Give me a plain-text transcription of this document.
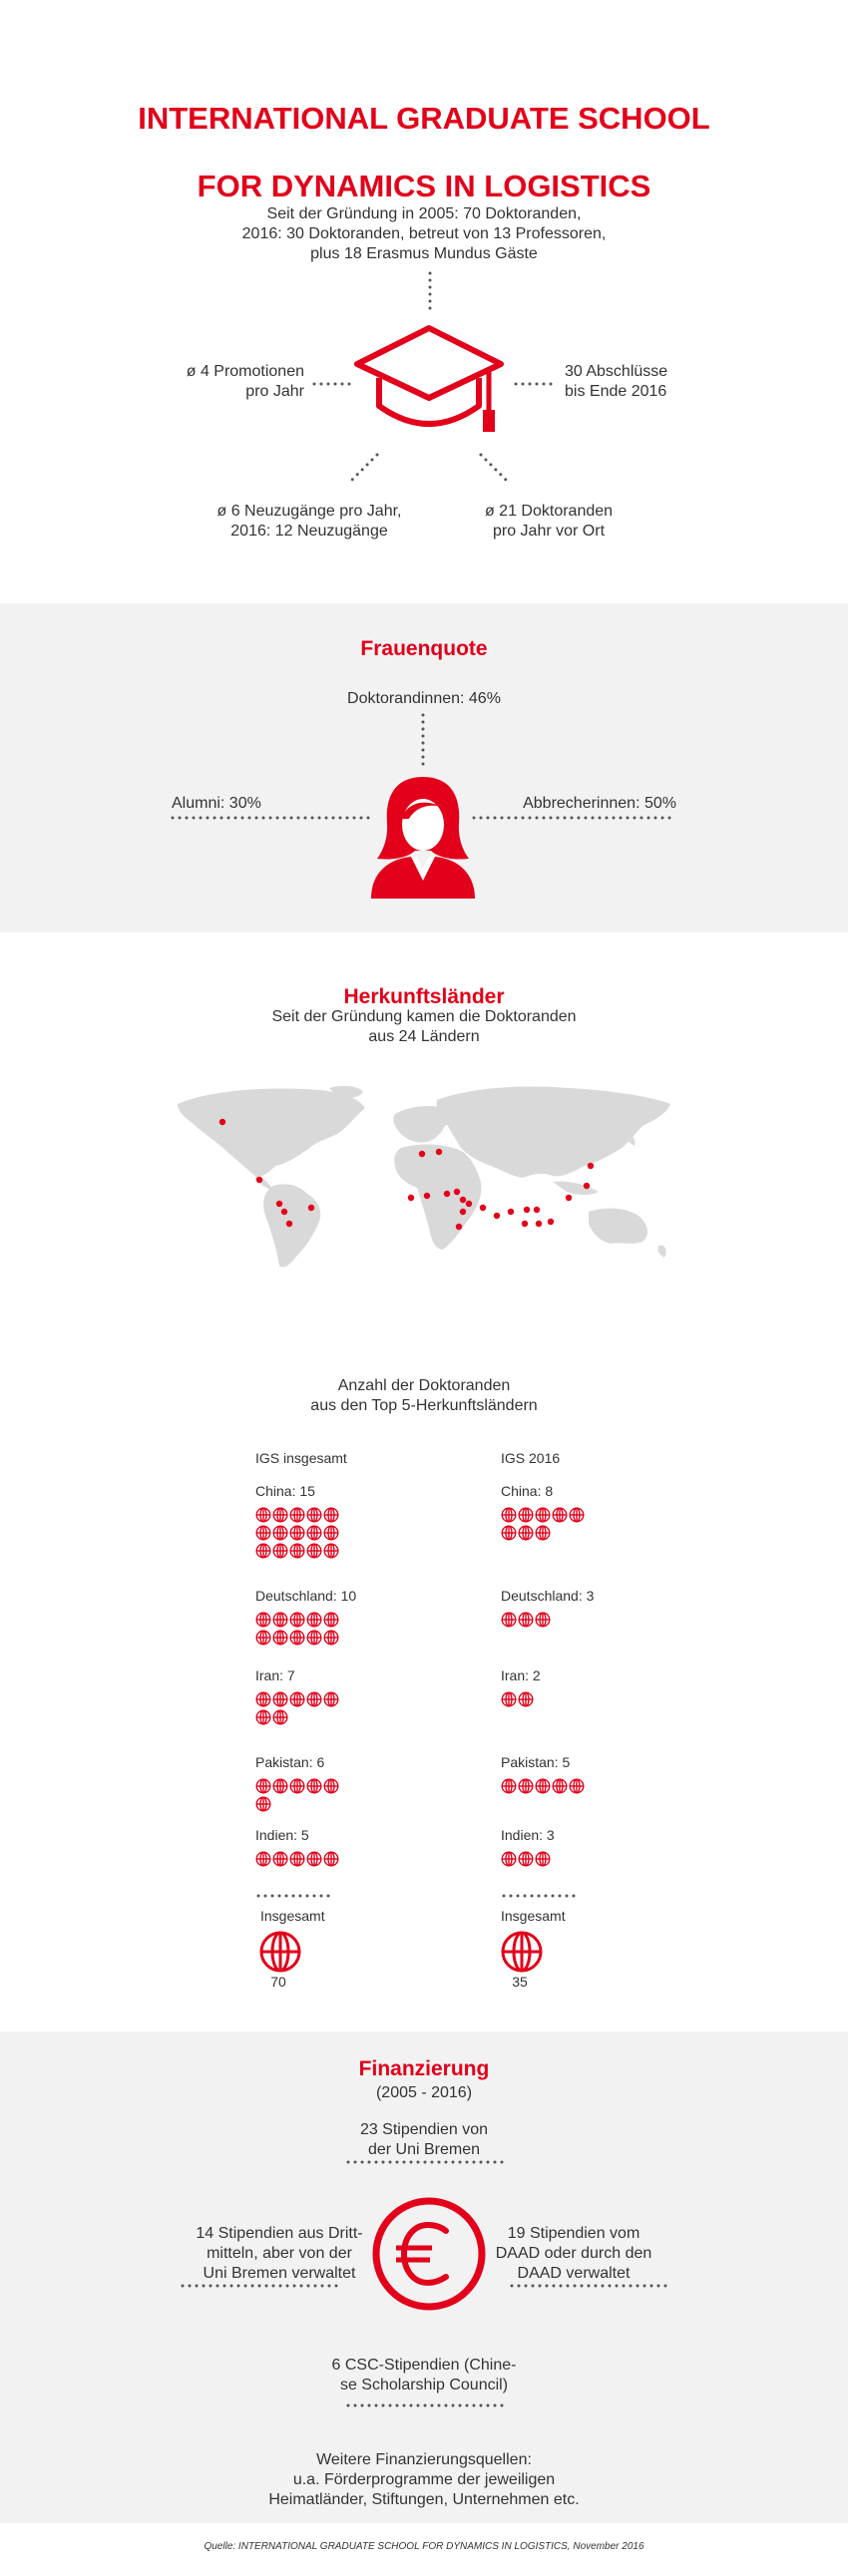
INTERNATIONAL GRADUATE SCHOOL

FOR DYNAMICS IN LOGISTICS

Seit der Gründung in 2005: 70 Doktoranden,
2016: 30 Doktoranden, betreut von 13 Professoren,
plus 18 Erasmus Mundus Gäste
ø 4 Promotionen
pro Jahr
30 Abschlüsse
bis Ende 2016
ø 6 Neuzugänge pro Jahr,
2016: 12 Neuzugänge
ø 21 Doktoranden
pro Jahr vor Ort
Frauenquote
Doktorandinnen: 46%
Alumni: 30%	Abbrecherinnen: 50%
Herkunftsländer
Seit der Gründung kamen die Doktoranden
aus 24 Ländern
Anzahl der Doktoranden
aus den Top 5-Herkunftsländern
IGS insgesamt	IGS 2016
China: 15	China: 8
Deutschland: 10	Deutschland: 3
Iran: 7	Iran: 2
Pakistan: 6	Pakistan: 5
Indien: 5	Indien: 3
Insgesamt	Insgesamt
70	35
Finanzierung
(2005 - 2016)
23 Stipendien von
der Uni Bremen
14 Stipendien aus Dritt-
mitteln, aber von der
Uni Bremen verwaltet
19 Stipendien vom
DAAD oder durch den
DAAD verwaltet
6 CSC-Stipendien (Chine-
se Scholarship Council)
Weitere Finanzierungsquellen:
u.a. Förderprogramme der jeweiligen
Heimatländer, Stiftungen, Unternehmen etc.
Quelle: INTERNATIONAL GRADUATE SCHOOL FOR DYNAMICS IN LOGISTICS, November 2016
